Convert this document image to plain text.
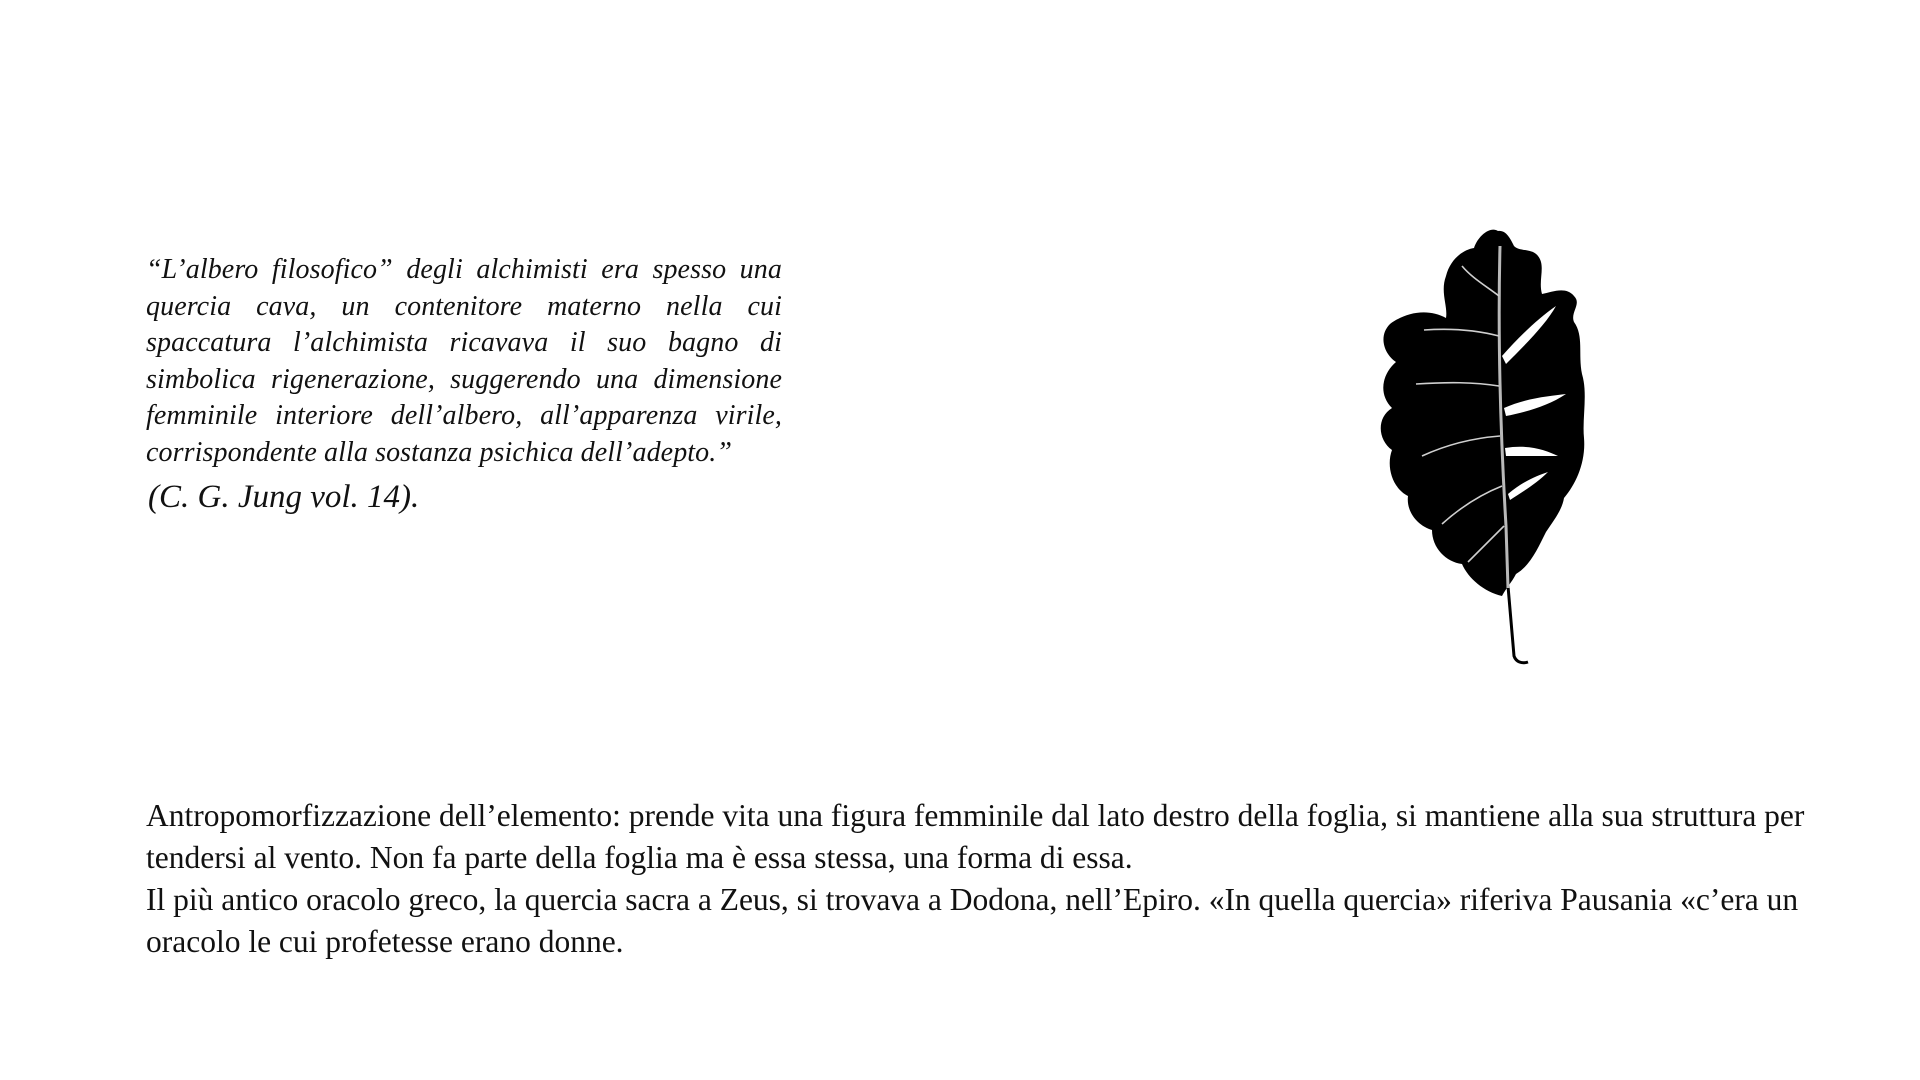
“L’albero filosofico” degli alchimisti era spesso una quercia cava, un contenitore materno nella cui spaccatura l’alchimista ricavava il suo bagno di simbolica rigenerazione, suggerendo una dimensione femminile interiore dell’albero, all’apparenza virile, corrispondente alla sostanza psichica dell’adepto.”

(C. G. Jung vol. 14).

Antropomorfizzazione dell’elemento: prende vita una figura femminile dal lato destro della foglia, si mantiene alla sua struttura per tendersi al vento. Non fa parte della foglia ma è essa stessa, una forma di essa.

Il più antico oracolo greco, la quercia sacra a Zeus, si trovava a Dodona, nell’Epiro. «In quella quercia» riferiva Pausania «c’era un oracolo le cui profetesse erano donne.
